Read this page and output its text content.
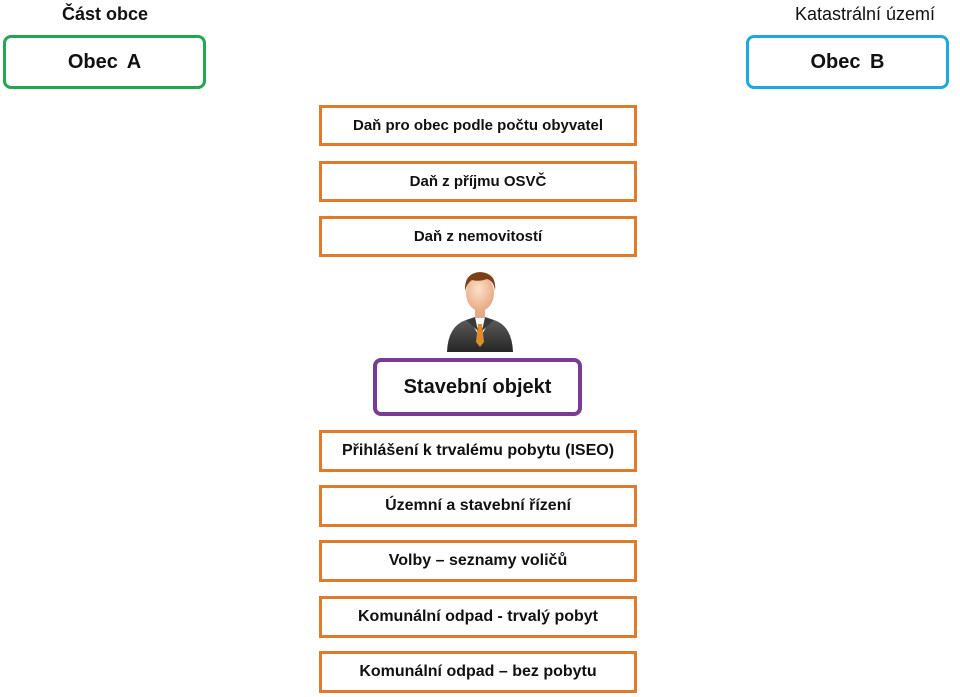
Část obce	Katastrální území
Obec A	Obec B
Daň pro obec podle počtu obyvatel
Daň z příjmu OSVČ
Daň z nemovitostí
Stavební objekt
Přihlášení k trvalému pobytu (ISEO)
Územní a stavební řízení
Volby – seznamy voličů
Komunální odpad - trvalý pobyt
Komunální odpad – bez pobytu
